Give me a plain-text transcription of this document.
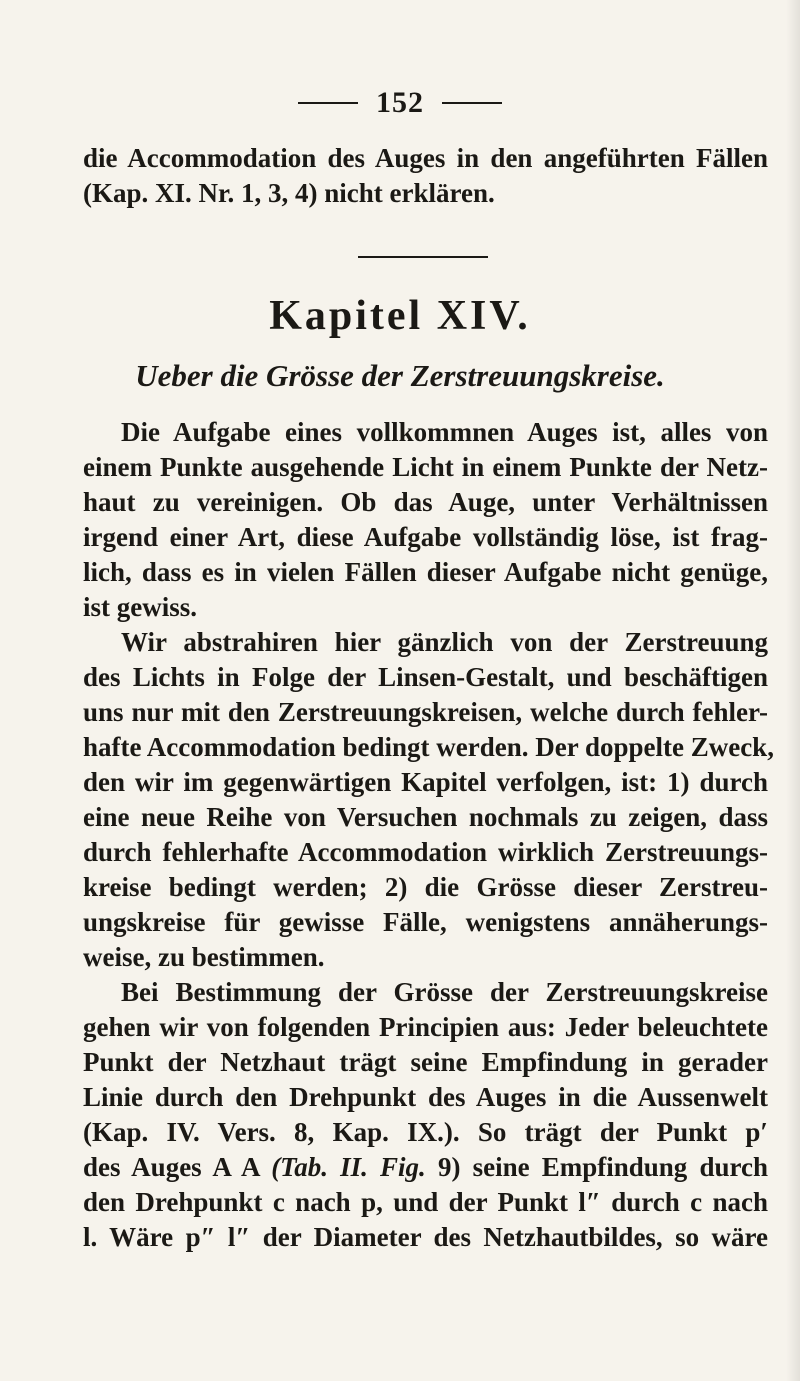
152
die Accommodation des Auges in den angeführten Fällen
(Kap. XI. Nr. 1, 3, 4) nicht erklären.
Kapitel XIV.
Ueber die Grösse der Zerstreuungskreise.
Die Aufgabe eines vollkommnen Auges ist, alles von
einem Punkte ausgehende Licht in einem Punkte der Netz-
haut zu vereinigen. Ob das Auge, unter Verhältnissen
irgend einer Art, diese Aufgabe vollständig löse, ist frag-
lich, dass es in vielen Fällen dieser Aufgabe nicht genüge,
ist gewiss.
Wir abstrahiren hier gänzlich von der Zerstreuung
des Lichts in Folge der Linsen-Gestalt, und beschäftigen
uns nur mit den Zerstreuungskreisen, welche durch fehler-
hafte Accommodation bedingt werden. Der doppelte Zweck,
den wir im gegenwärtigen Kapitel verfolgen, ist: 1) durch
eine neue Reihe von Versuchen nochmals zu zeigen, dass
durch fehlerhafte Accommodation wirklich Zerstreuungs-
kreise bedingt werden; 2) die Grösse dieser Zerstreu-
ungskreise für gewisse Fälle, wenigstens annäherungs-
weise, zu bestimmen.
Bei Bestimmung der Grösse der Zerstreuungskreise
gehen wir von folgenden Principien aus: Jeder beleuchtete
Punkt der Netzhaut trägt seine Empfindung in gerader
Linie durch den Drehpunkt des Auges in die Aussenwelt
(Kap. IV. Vers. 8, Kap. IX.). So trägt der Punkt p′
des Auges A A (Tab. II. Fig. 9) seine Empfindung durch
den Drehpunkt c nach p, und der Punkt l″ durch c nach
l. Wäre p″ l″ der Diameter des Netzhautbildes, so wäre
